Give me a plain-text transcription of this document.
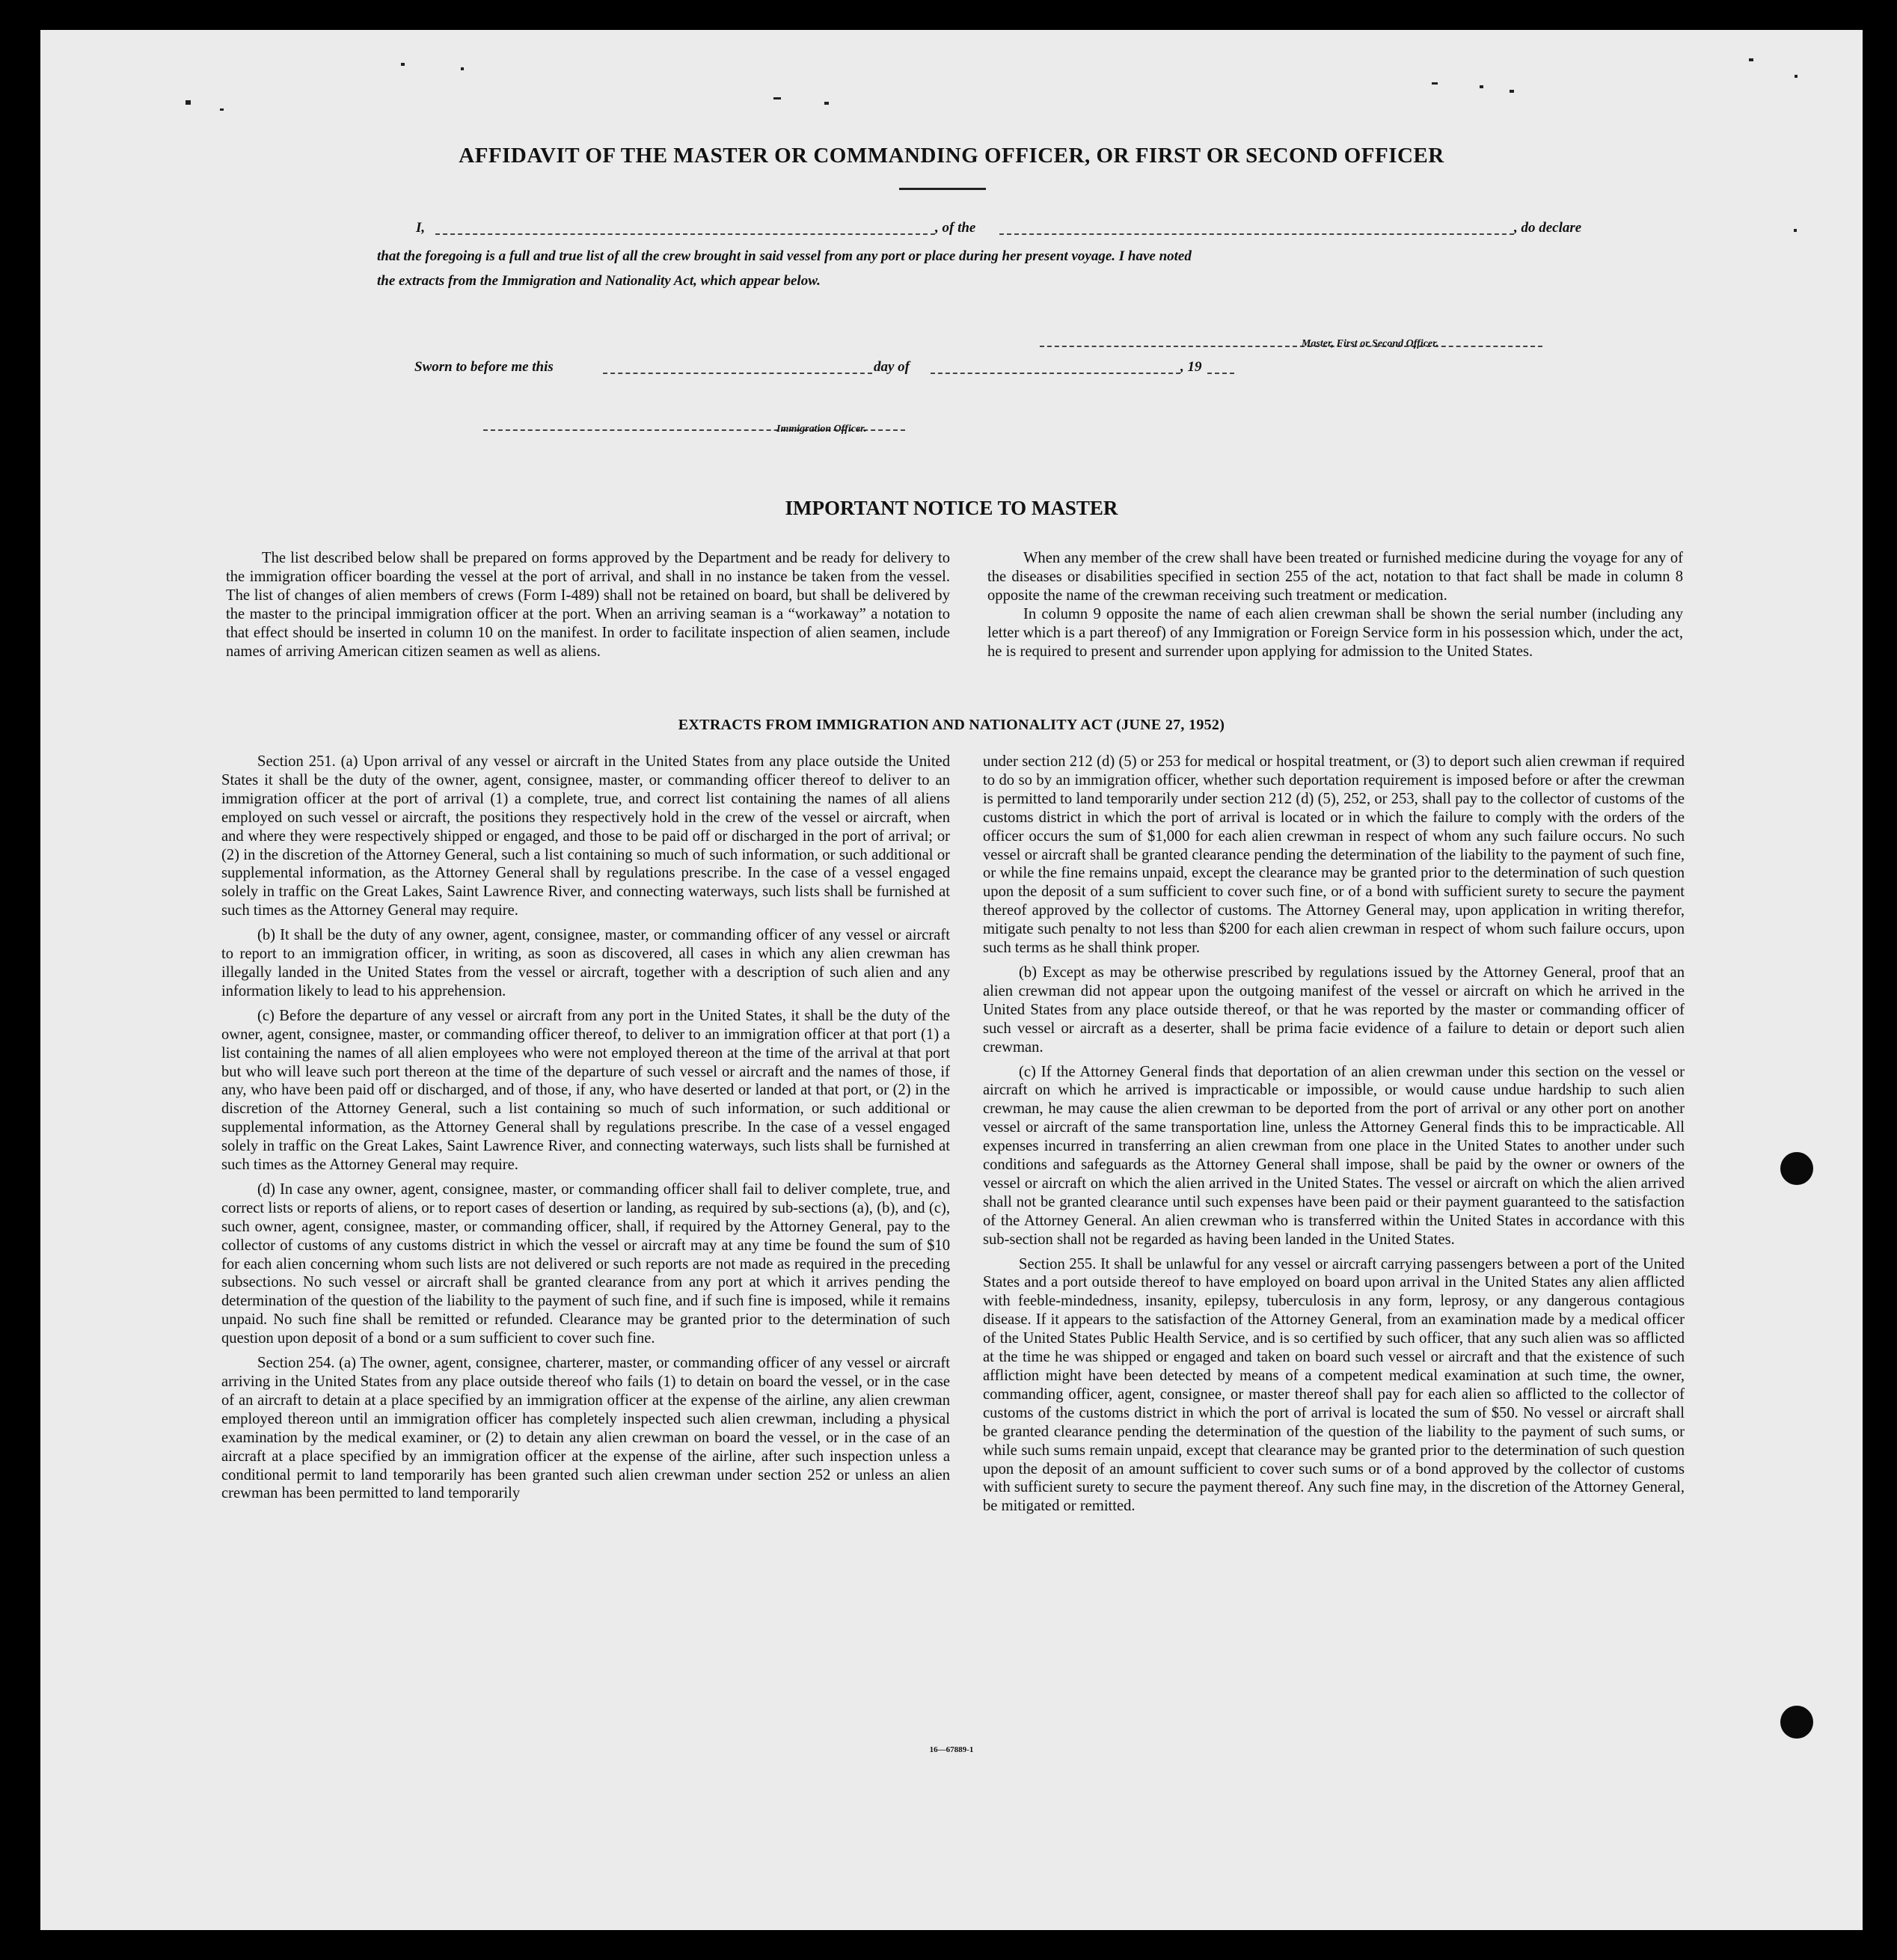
AFFIDAVIT OF THE MASTER OR COMMANDING OFFICER, OR FIRST OR SECOND OFFICER
I,	, of the	, do declare
that the foregoing is a full and true list of all the crew brought in said vessel from any port or place during her present voyage. I have noted
the extracts from the Immigration and Nationality Act, which appear below.
Master, First or Second Officer.
Sworn to before me this	day of	, 19
Immigration Officer.
IMPORTANT NOTICE TO MASTER

The list described below shall be prepared on forms approved by the Department and be ready for delivery to the immigration officer boarding the vessel at the port of arrival, and shall in no instance be taken from the vessel. The list of changes of alien members of crews (Form I-489) shall not be retained on board, but shall be delivered by the master to the principal immigration officer at the port. When an arriving seaman is a “workaway” a notation to that effect should be inserted in column 10 on the manifest. In order to facilitate inspection of alien seamen, include names of arriving American citizen seamen as well as aliens.

When any member of the crew shall have been treated or furnished medicine during the voyage for any of the diseases or disabilities specified in section 255 of the act, notation to that fact shall be made in column 8 opposite the name of the crewman receiving such treatment or medication.

In column 9 opposite the name of each alien crewman shall be shown the serial number (including any letter which is a part thereof) of any Immigration or Foreign Service form in his possession which, under the act, he is required to present and surrender upon applying for admission to the United States.

EXTRACTS FROM IMMIGRATION AND NATIONALITY ACT (JUNE 27, 1952)

Section 251. (a) Upon arrival of any vessel or aircraft in the United States from any place outside the United States it shall be the duty of the owner, agent, consignee, master, or commanding officer thereof to deliver to an immigration officer at the port of arrival (1) a complete, true, and correct list containing the names of all aliens employed on such vessel or aircraft, the positions they respectively hold in the crew of the vessel or aircraft, when and where they were respectively shipped or engaged, and those to be paid off or discharged in the port of arrival; or (2) in the discretion of the Attorney General, such a list containing so much of such information, or such additional or supplemental information, as the Attorney General shall by regulations prescribe. In the case of a vessel engaged solely in traffic on the Great Lakes, Saint Lawrence River, and connecting waterways, such lists shall be furnished at such times as the Attorney General may require.

(b) It shall be the duty of any owner, agent, consignee, master, or commanding officer of any vessel or aircraft to report to an immigration officer, in writing, as soon as discovered, all cases in which any alien crewman has illegally landed in the United States from the vessel or aircraft, together with a description of such alien and any information likely to lead to his apprehension.

(c) Before the departure of any vessel or aircraft from any port in the United States, it shall be the duty of the owner, agent, consignee, master, or commanding officer thereof, to deliver to an immigration officer at that port (1) a list containing the names of all alien employees who were not employed thereon at the time of the arrival at that port but who will leave such port thereon at the time of the departure of such vessel or aircraft and the names of those, if any, who have been paid off or discharged, and of those, if any, who have deserted or landed at that port, or (2) in the discretion of the Attorney General, such a list containing so much of such information, or such additional or supplemental information, as the Attorney General shall by regulations prescribe. In the case of a vessel engaged solely in traffic on the Great Lakes, Saint Lawrence River, and connecting waterways, such lists shall be furnished at such times as the Attorney General may require.

(d) In case any owner, agent, consignee, master, or commanding officer shall fail to deliver complete, true, and correct lists or reports of aliens, or to report cases of desertion or landing, as required by sub-sections (a), (b), and (c), such owner, agent, consignee, master, or commanding officer, shall, if required by the Attorney General, pay to the collector of customs of any customs district in which the vessel or aircraft may at any time be found the sum of $10 for each alien concerning whom such lists are not delivered or such reports are not made as required in the preceding subsections. No such vessel or aircraft shall be granted clearance from any port at which it arrives pending the determination of the question of the liability to the payment of such fine, and if such fine is imposed, while it remains unpaid. No such fine shall be remitted or refunded. Clearance may be granted prior to the determination of such question upon deposit of a bond or a sum sufficient to cover such fine.

Section 254. (a) The owner, agent, consignee, charterer, master, or commanding officer of any vessel or aircraft arriving in the United States from any place outside thereof who fails (1) to detain on board the vessel, or in the case of an aircraft to detain at a place specified by an immigration officer at the expense of the airline, any alien crewman employed thereon until an immigration officer has completely inspected such alien crewman, including a physical examination by the medical examiner, or (2) to detain any alien crewman on board the vessel, or in the case of an aircraft at a place specified by an immigration officer at the expense of the airline, after such inspection unless a conditional permit to land temporarily has been granted such alien crewman under section 252 or unless an alien crewman has been permitted to land temporarily

under section 212 (d) (5) or 253 for medical or hospital treatment, or (3) to deport such alien crewman if required to do so by an immigration officer, whether such deportation requirement is imposed before or after the crewman is permitted to land temporarily under section 212 (d) (5), 252, or 253, shall pay to the collector of customs of the customs district in which the port of arrival is located or in which the failure to comply with the orders of the officer occurs the sum of $1,000 for each alien crewman in respect of whom any such failure occurs. No such vessel or aircraft shall be granted clearance pending the determination of the liability to the payment of such fine, or while the fine remains unpaid, except the clearance may be granted prior to the determination of such question upon the deposit of a sum sufficient to cover such fine, or of a bond with sufficient surety to secure the payment thereof approved by the collector of customs. The Attorney General may, upon application in writing therefor, mitigate such penalty to not less than $200 for each alien crewman in respect of whom such failure occurs, upon such terms as he shall think proper.

(b) Except as may be otherwise prescribed by regulations issued by the Attorney General, proof that an alien crewman did not appear upon the outgoing manifest of the vessel or aircraft on which he arrived in the United States from any place outside thereof, or that he was reported by the master or commanding officer of such vessel or aircraft as a deserter, shall be prima facie evidence of a failure to detain or deport such alien crewman.

(c) If the Attorney General finds that deportation of an alien crewman under this section on the vessel or aircraft on which he arrived is impracticable or impossible, or would cause undue hardship to such alien crewman, he may cause the alien crewman to be deported from the port of arrival or any other port on another vessel or aircraft of the same transportation line, unless the Attorney General finds this to be impracticable. All expenses incurred in transferring an alien crewman from one place in the United States to another under such conditions and safeguards as the Attorney General shall impose, shall be paid by the owner or owners of the vessel or aircraft on which the alien arrived in the United States. The vessel or aircraft on which the alien arrived shall not be granted clearance until such expenses have been paid or their payment guaranteed to the satisfaction of the Attorney General. An alien crewman who is transferred within the United States in accordance with this sub-section shall not be regarded as having been landed in the United States.

Section 255. It shall be unlawful for any vessel or aircraft carrying passengers between a port of the United States and a port outside thereof to have employed on board upon arrival in the United States any alien afflicted with feeble-mindedness, insanity, epilepsy, tuberculosis in any form, leprosy, or any dangerous contagious disease. If it appears to the satisfaction of the Attorney General, from an examination made by a medical officer of the United States Public Health Service, and is so certified by such officer, that any such alien was so afflicted at the time he was shipped or engaged and taken on board such vessel or aircraft and that the existence of such affliction might have been detected by means of a competent medical examination at such time, the owner, commanding officer, agent, consignee, or master thereof shall pay for each alien so afflicted to the collector of customs of the customs district in which the port of arrival is located the sum of $50. No vessel or aircraft shall be granted clearance pending the determination of the question of the liability to the payment of such sums, or while such sums remain unpaid, except that clearance may be granted prior to the determination of such question upon the deposit of an amount sufficient to cover such sums or of a bond approved by the collector of customs with sufficient surety to secure the payment thereof. Any such fine may, in the discretion of the Attorney General, be mitigated or remitted.

16—67889-1
